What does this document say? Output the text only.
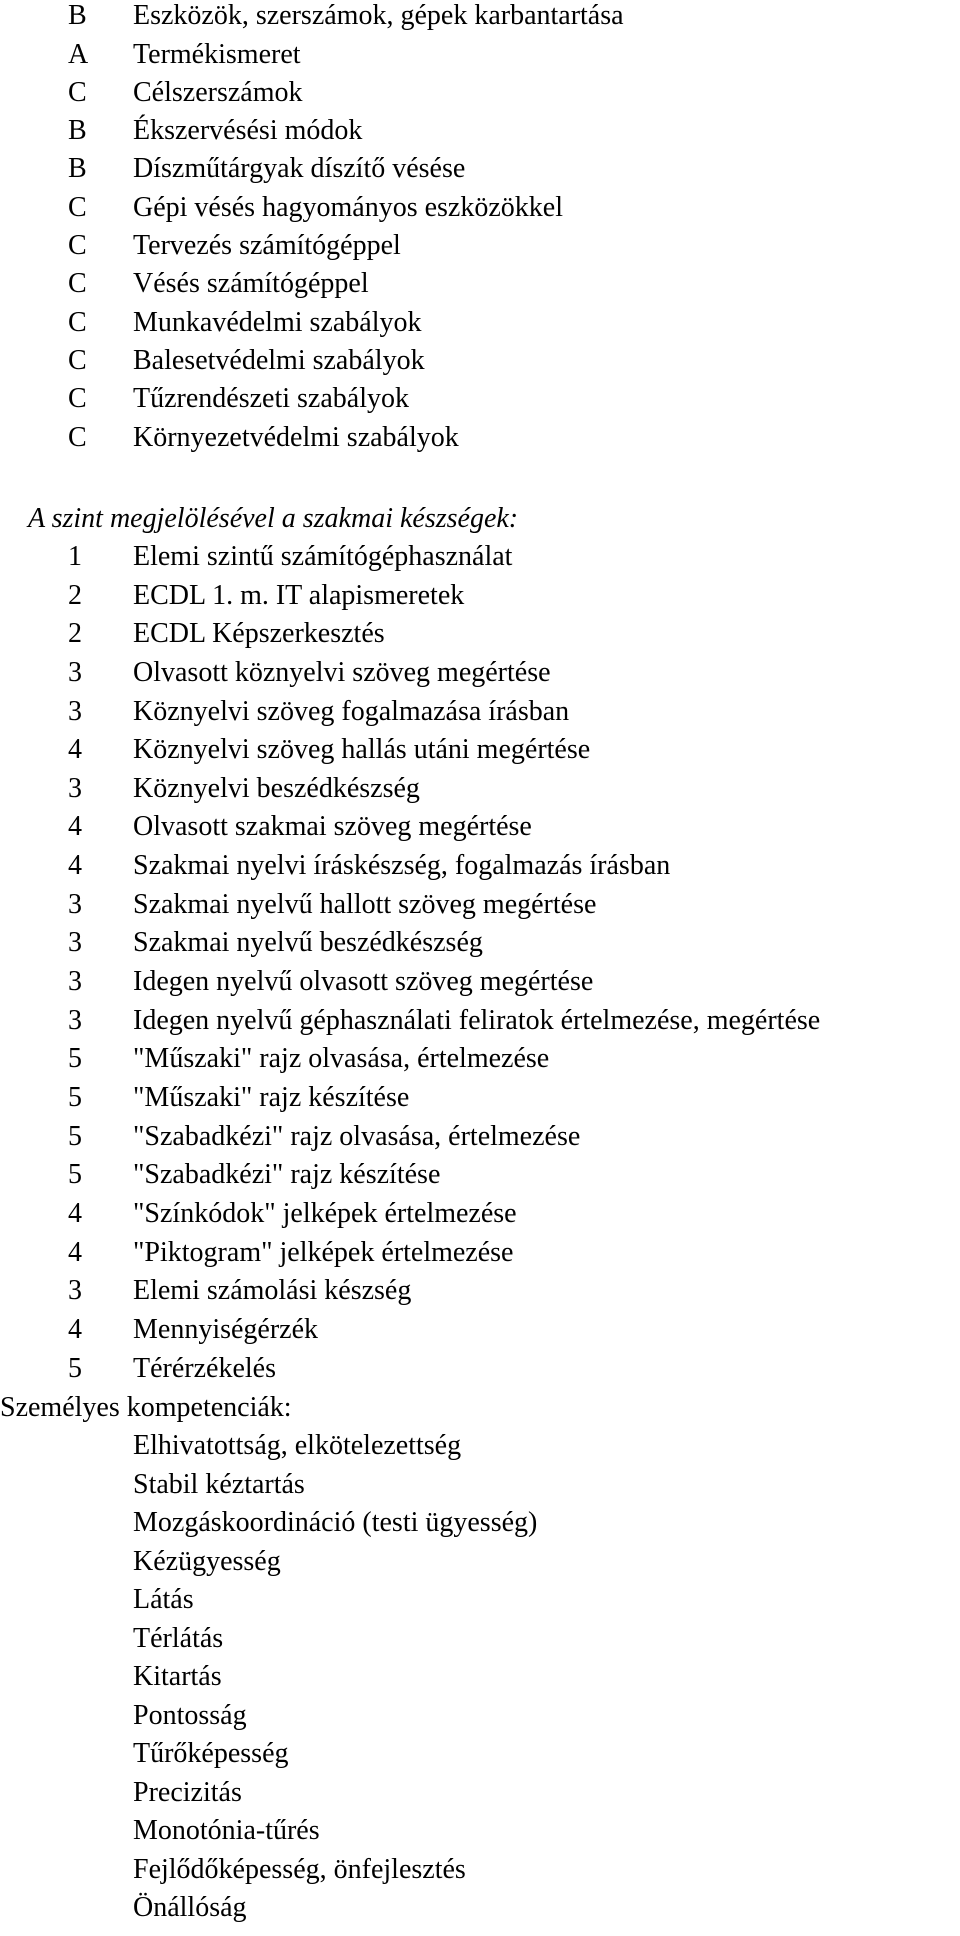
B Eszközök, szerszámok, gépek karbantartása
A Termékismeret
C Célszerszámok
B Ékszervésési módok
B Díszműtárgyak díszítő vésése
C Gépi vésés hagyományos eszközökkel
C Tervezés számítógéppel
C Vésés számítógéppel
C Munkavédelmi szabályok
C Balesetvédelmi szabályok
C Tűzrendészeti szabályok
C Környezetvédelmi szabályok
A szint megjelölésével a szakmai készségek:
1 Elemi szintű számítógéphasználat
2 ECDL 1. m. IT alapismeretek
2 ECDL Képszerkesztés
3 Olvasott köznyelvi szöveg megértése
3 Köznyelvi szöveg fogalmazása írásban
4 Köznyelvi szöveg hallás utáni megértése
3 Köznyelvi beszédkészség
4 Olvasott szakmai szöveg megértése
4 Szakmai nyelvi íráskészség, fogalmazás írásban
3 Szakmai nyelvű hallott szöveg megértése
3 Szakmai nyelvű beszédkészség
3 Idegen nyelvű olvasott szöveg megértése
3 Idegen nyelvű géphasználati feliratok értelmezése, megértése
5 "Műszaki" rajz olvasása, értelmezése
5 "Műszaki" rajz készítése
5 "Szabadkézi" rajz olvasása, értelmezése
5 "Szabadkézi" rajz készítése
4 "Színkódok" jelképek értelmezése
4 "Piktogram" jelképek értelmezése
3 Elemi számolási készség
4 Mennyiségérzék
5 Térérzékelés
Személyes kompetenciák:
Elhivatottság, elkötelezettség
Stabil kéztartás
Mozgáskoordináció (testi ügyesség)
Kézügyesség
Látás
Térlátás
Kitartás
Pontosság
Tűrőképesség
Precizitás
Monotónia-tűrés
Fejlődőképesség, önfejlesztés
Önállóság
